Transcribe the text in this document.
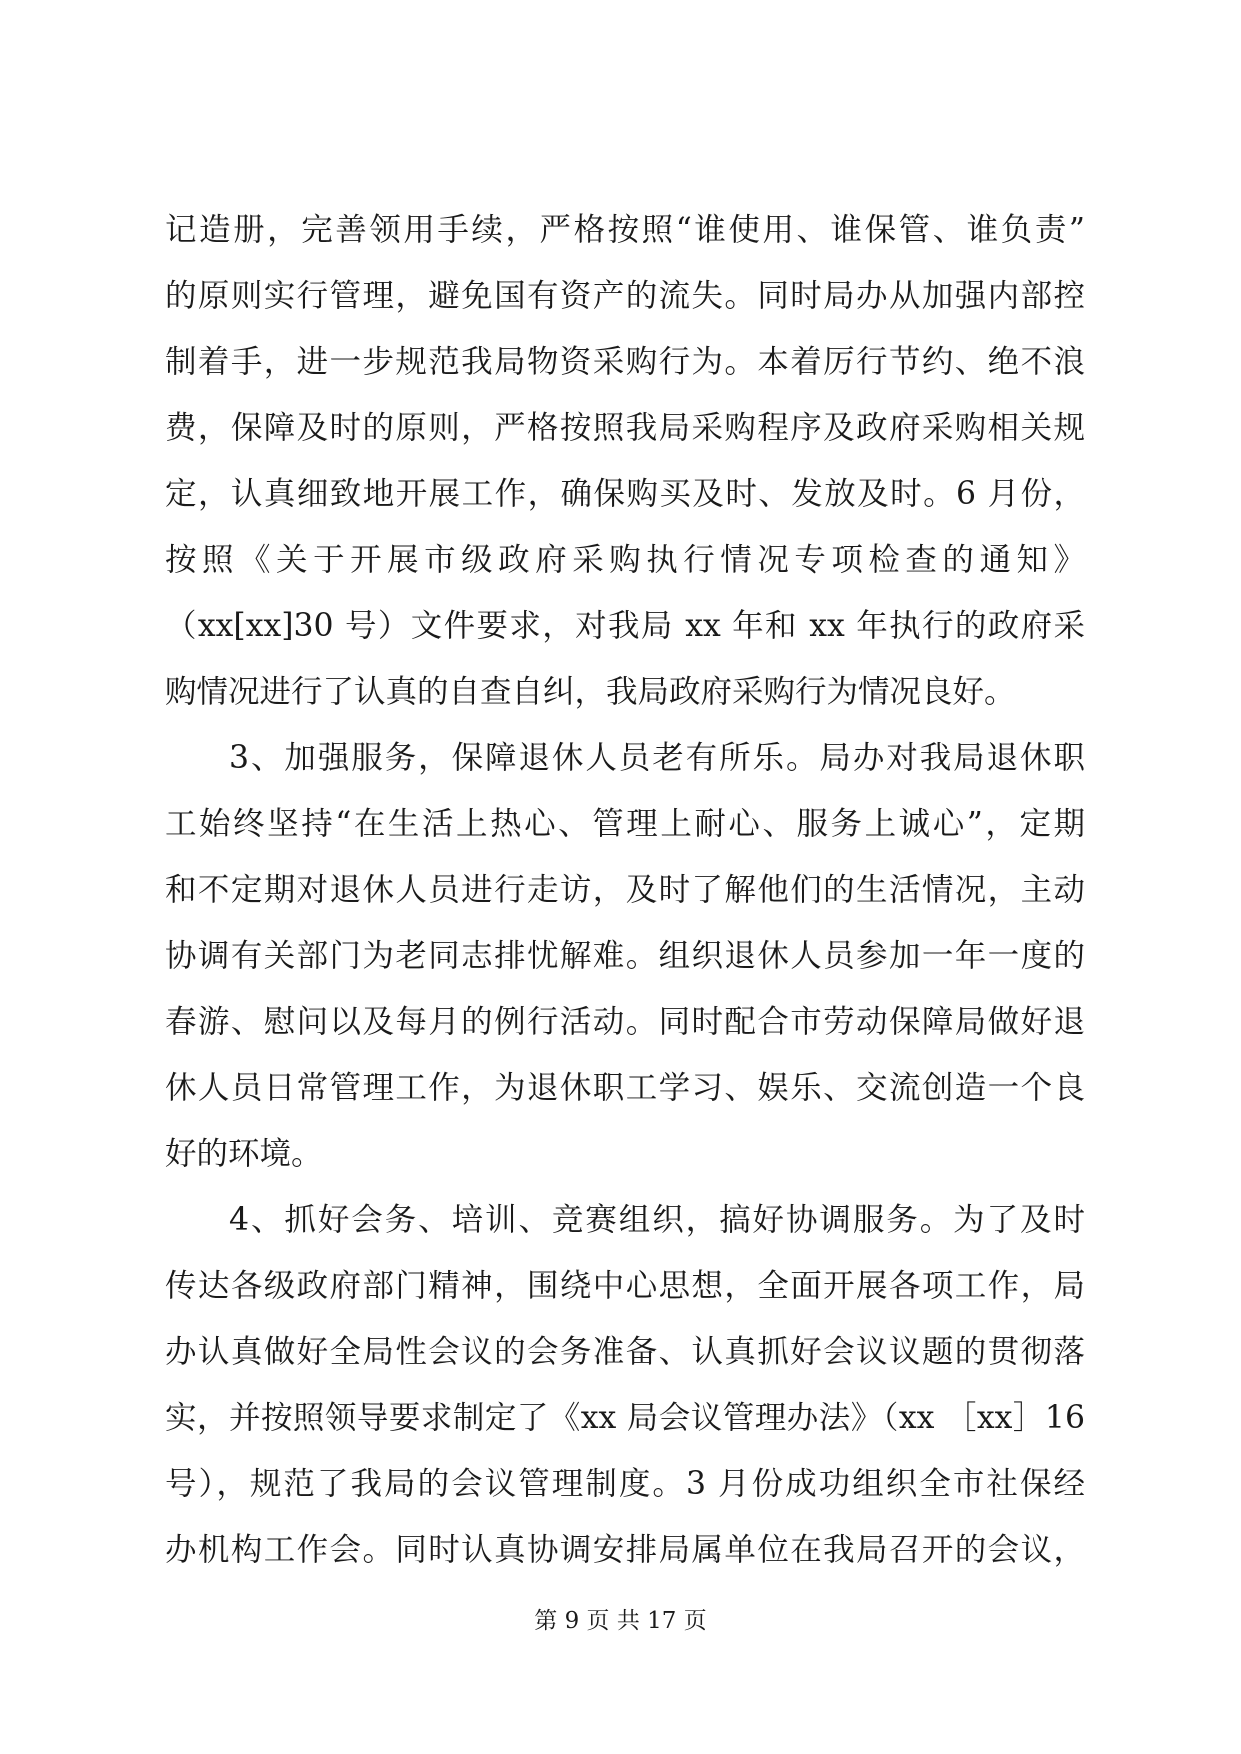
记造册，完善领用手续，严格按照“谁使用、谁保管、谁负责”
的原则实行管理，避免国有资产的流失。同时局办从加强内部控
制着手，进一步规范我局物资采购行为。本着厉行节约、绝不浪
费，保障及时的原则，严格按照我局采购程序及政府采购相关规
定，认真细致地开展工作，确保购买及时、发放及时。6 月份，
按照《关于开展市级政府采购执行情况专项检查的通知》
（xx[xx]30 号）文件要求，对我局 xx 年和 xx 年执行的政府采
购情况进行了认真的自查自纠，我局政府采购行为情况良好。
3、加强服务，保障退休人员老有所乐。局办对我局退休职
工始终坚持“在生活上热心、管理上耐心、服务上诚心”，定期
和不定期对退休人员进行走访，及时了解他们的生活情况，主动
协调有关部门为老同志排忧解难。组织退休人员参加一年一度的
春游、慰问以及每月的例行活动。同时配合市劳动保障局做好退
休人员日常管理工作，为退休职工学习、娱乐、交流创造一个良
好的环境。
4、抓好会务、培训、竞赛组织，搞好协调服务。为了及时
传达各级政府部门精神，围绕中心思想，全面开展各项工作，局
办认真做好全局性会议的会务准备、认真抓好会议议题的贯彻落
实，并按照领导要求制定了《xx 局会议管理办法》（xx ［xx］16
号），规范了我局的会议管理制度。3 月份成功组织全市社保经
办机构工作会。同时认真协调安排局属单位在我局召开的会议，
第 9 页 共 17 页
